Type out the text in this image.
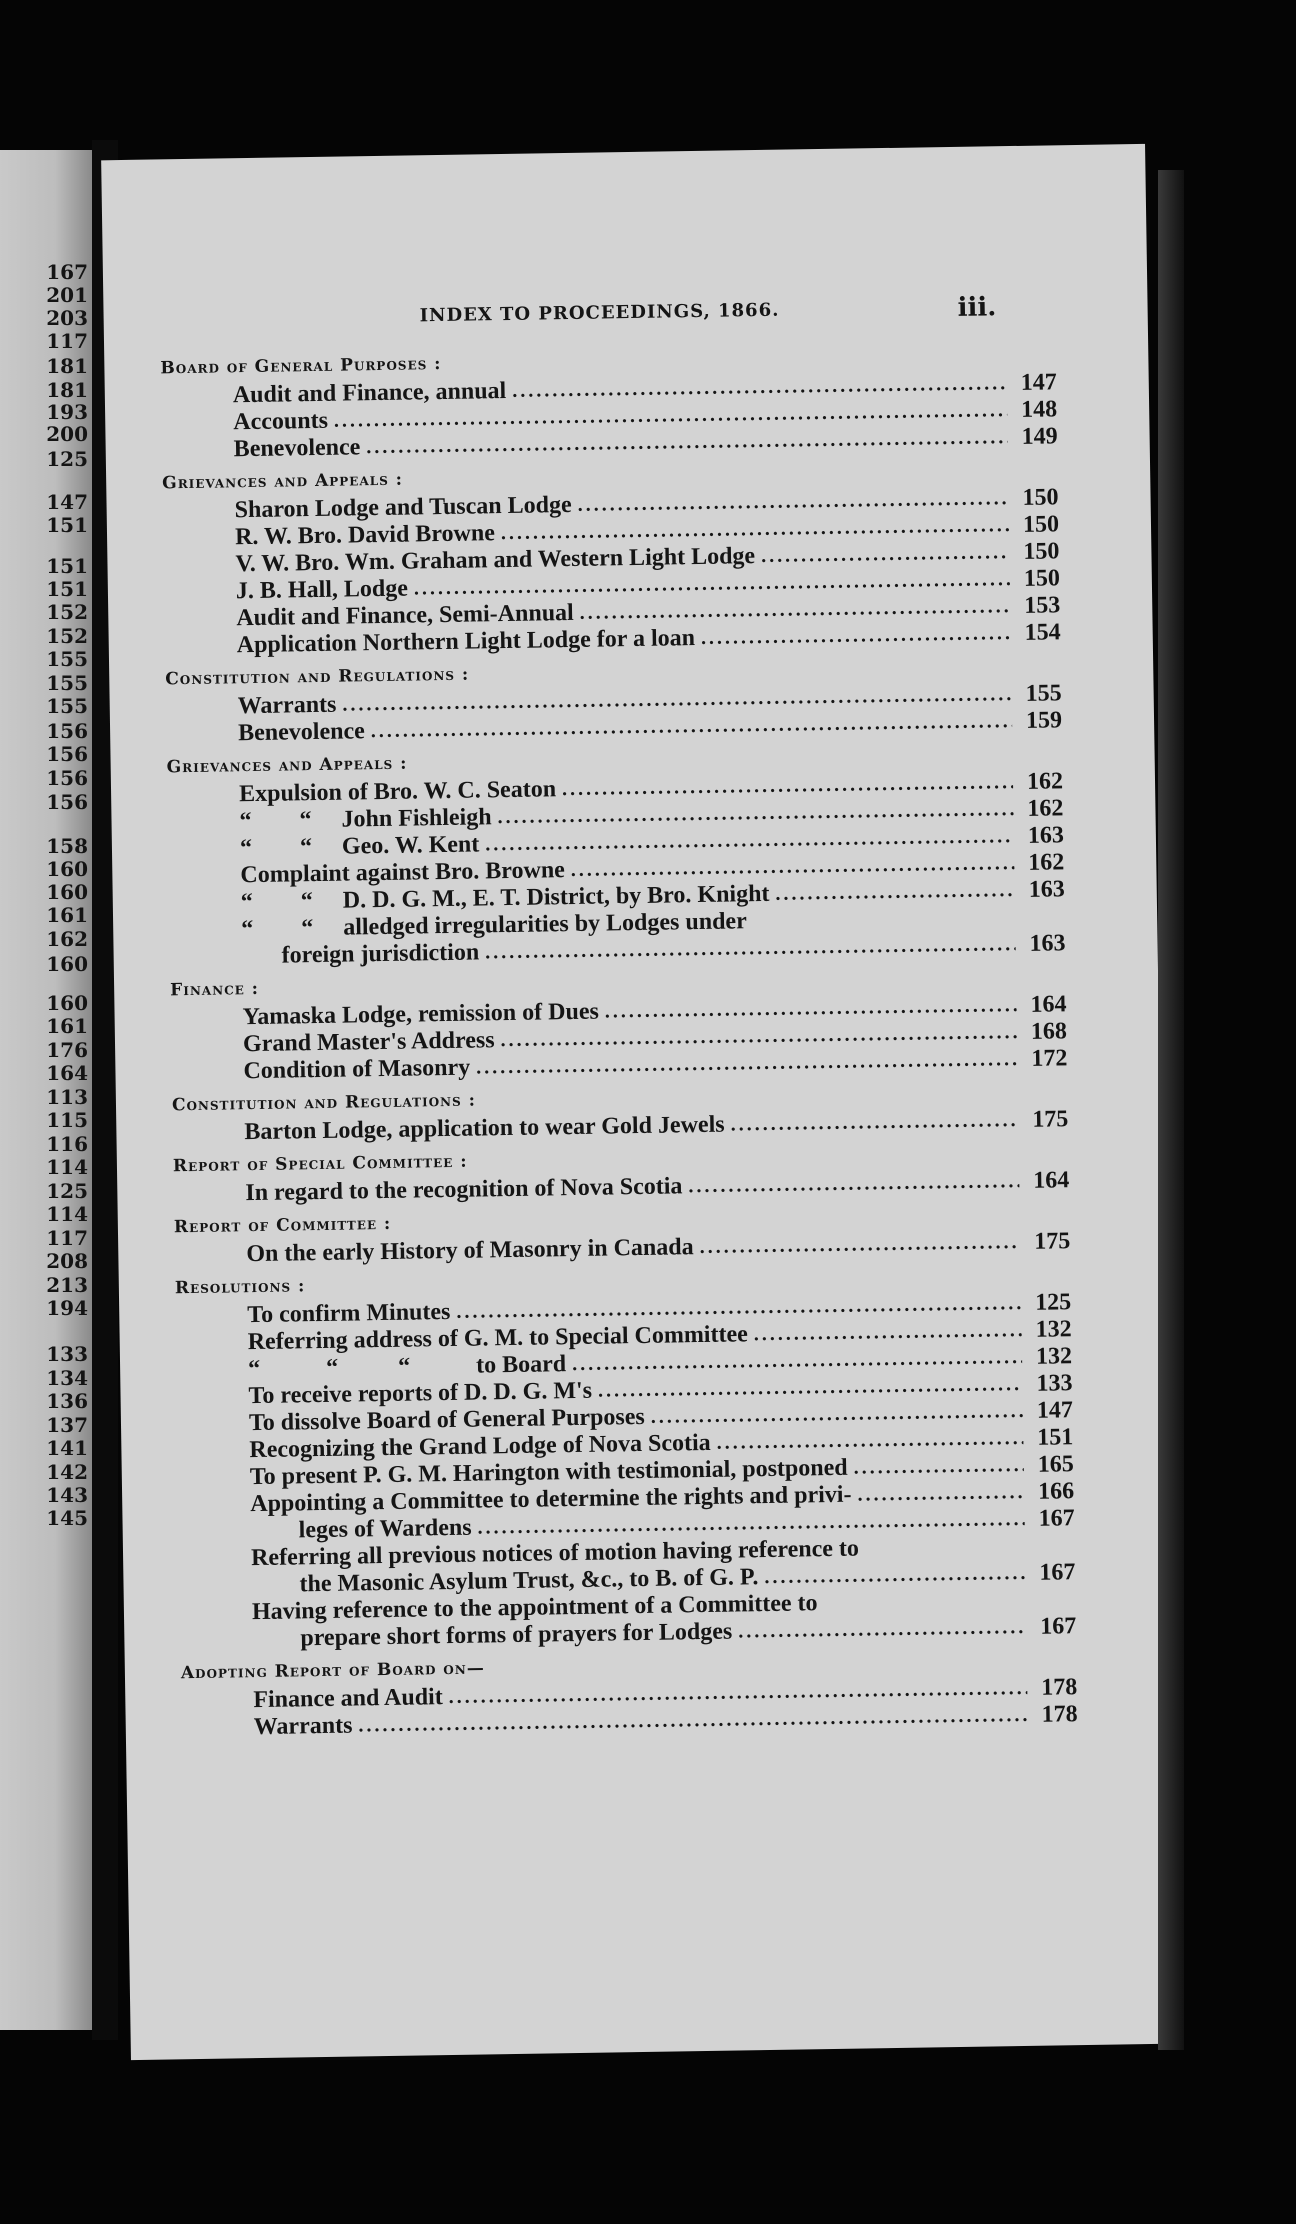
167
201
203
117
181
181
193
200
125
147
151
151
151
152
152
155
155
155
156
156
156
156
158
160
160
161
162
160
160
161
176
164
113
115
116
114
125
114
117
208
213
194
133
134
136
137
141
142
143
145
INDEX TO PROCEEDINGS, 1866.	iii.
Board of General Purposes :
Audit and Finance, annual .....	147
Accounts .....	148
Benevolence .....	149
Grievances and Appeals :
Sharon Lodge and Tuscan Lodge .....	150
R. W. Bro. David Browne .....	150
V. W. Bro. Wm. Graham and Western Light Lodge .....	150
J. B. Hall, Lodge .....	150
Audit and Finance, Semi-Annual .....	153
Application Northern Light Lodge for a loan .....	154
Constitution and Regulations :
Warrants .....	155
Benevolence .....	159
Grievances and Appeals :
Expulsion of Bro. W. C. Seaton .....	162
“        “     John Fishleigh .....	162
“        “     Geo. W. Kent .....	163
Complaint against Bro. Browne .....	162
“        “     D. D. G. M., E. T. District, by Bro. Knight .....	163
“        “     alledged irregularities by Lodges under
foreign jurisdiction .....	163
Finance :
Yamaska Lodge, remission of Dues .....	164
Grand Master's Address .....	168
Condition of Masonry .....	172
Constitution and Regulations :
Barton Lodge, application to wear Gold Jewels .....	175
Report of Special Committee :
In regard to the recognition of Nova Scotia .....	164
Report of Committee :
On the early History of Masonry in Canada .....	175
Resolutions :
To confirm Minutes .....	125
Referring address of G. M. to Special Committee .....	132
“           “          “           to Board .....	132
To receive reports of D. D. G. M's .....	133
To dissolve Board of General Purposes .....	147
Recognizing the Grand Lodge of Nova Scotia .....	151
To present P. G. M. Harington with testimonial, postponed .....	165
Appointing a Committee to determine the rights and privi- .....	166
leges of Wardens .....	167
Referring all previous notices of motion having reference to
the Masonic Asylum Trust, &c., to B. of G. P. .....	167
Having reference to the appointment of a Committee to
prepare short forms of prayers for Lodges .....	167
Adopting Report of Board on—
Finance and Audit .....	178
Warrants .....	178
